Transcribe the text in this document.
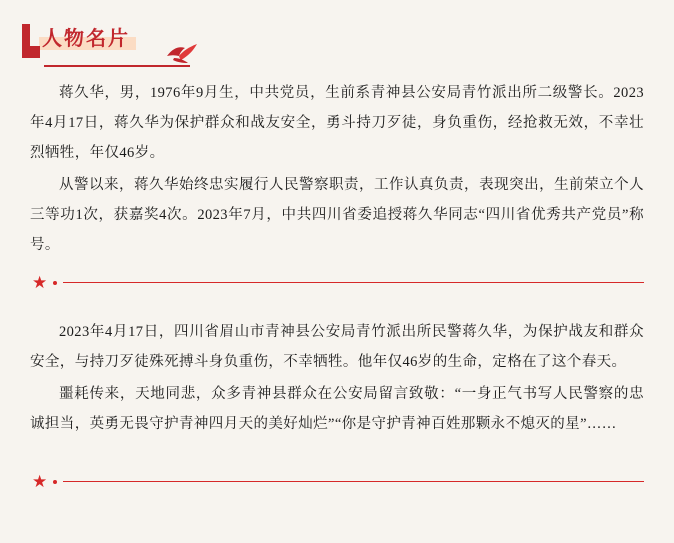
人物名片

蒋久华，男，1976年9月生，中共党员，生前系青神县公安局青竹派出所二级警长。2023年4月17日，蒋久华为保护群众和战友安全，勇斗持刀歹徒，身负重伤，经抢救无效，不幸壮烈牺牲，年仅46岁。

从警以来，蒋久华始终忠实履行人民警察职责，工作认真负责，表现突出，生前荣立个人三等功1次，获嘉奖4次。2023年7月，中共四川省委追授蒋久华同志“四川省优秀共产党员”称号。

★

2023年4月17日，四川省眉山市青神县公安局青竹派出所民警蒋久华，为保护战友和群众安全，与持刀歹徒殊死搏斗身负重伤，不幸牺牲。他年仅46岁的生命，定格在了这个春天。

噩耗传来，天地同悲，众多青神县群众在公安局留言致敬：“一身正气书写人民警察的忠诚担当，英勇无畏守护青神四月天的美好灿烂”“你是守护青神百姓那颗永不熄灭的星”……

★
